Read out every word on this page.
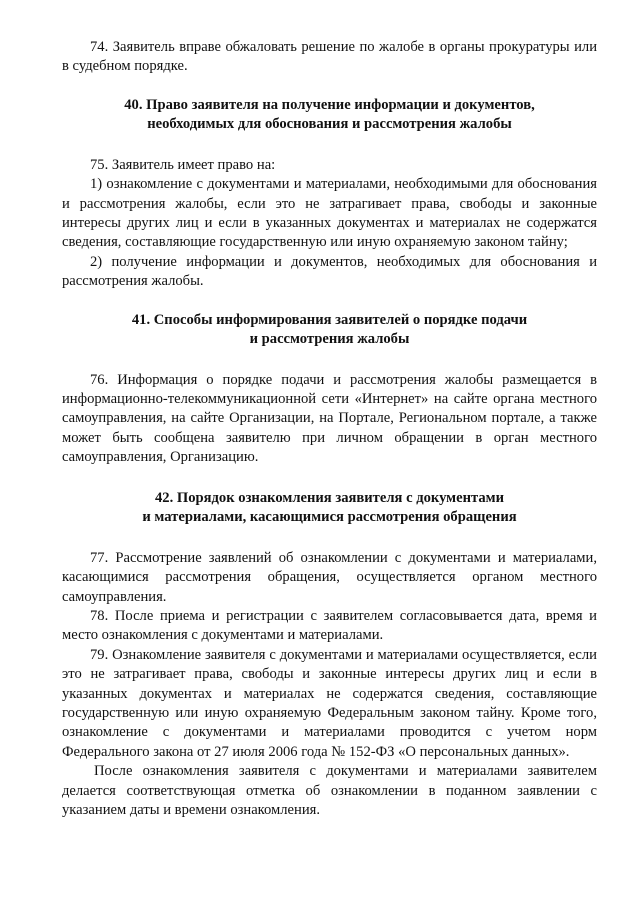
74. Заявитель вправе обжаловать решение по жалобе в органы прокуратуры или в судебном порядке.

40. Право заявителя на получение информации и документов,
необходимых для обоснования и рассмотрения жалобы

75. Заявитель имеет право на:

1) ознакомление с документами и материалами, необходимыми для обоснования и рассмотрения жалобы, если это не затрагивает права, свободы и законные интересы других лиц и если в указанных документах и материалах не содержатся сведения, составляющие государственную или иную охраняемую законом тайну;

2) получение информации и документов, необходимых для обоснования и рассмотрения жалобы.

41. Способы информирования заявителей о порядке подачи
и рассмотрения жалобы

76. Информация о порядке подачи и рассмотрения жалобы размещается в информационно-телекоммуникационной сети «Интернет» на сайте органа местного самоуправления, на сайте Организации, на Портале, Региональном портале, а также может быть сообщена заявителю при личном обращении в орган местного самоуправления, Организацию.

42. Порядок ознакомления заявителя с документами
и материалами, касающимися рассмотрения обращения

77. Рассмотрение заявлений об ознакомлении с документами и материалами, касающимися рассмотрения обращения, осуществляется органом местного самоуправления.

78. После приема и регистрации с заявителем согласовывается дата, время и место ознакомления с документами и материалами.

79. Ознакомление заявителя с документами и материалами осуществляется, если это не затрагивает права, свободы и законные интересы других лиц и если в указанных документах и материалах не содержатся сведения, составляющие государственную или иную охраняемую Федеральным законом тайну. Кроме того, ознакомление с документами и материалами проводится с учетом норм Федерального закона от 27 июля 2006 года № 152-ФЗ «О персональных данных».

После ознакомления заявителя с документами и материалами заявителем делается соответствующая отметка об ознакомлении в поданном заявлении с указанием даты и времени ознакомления.
